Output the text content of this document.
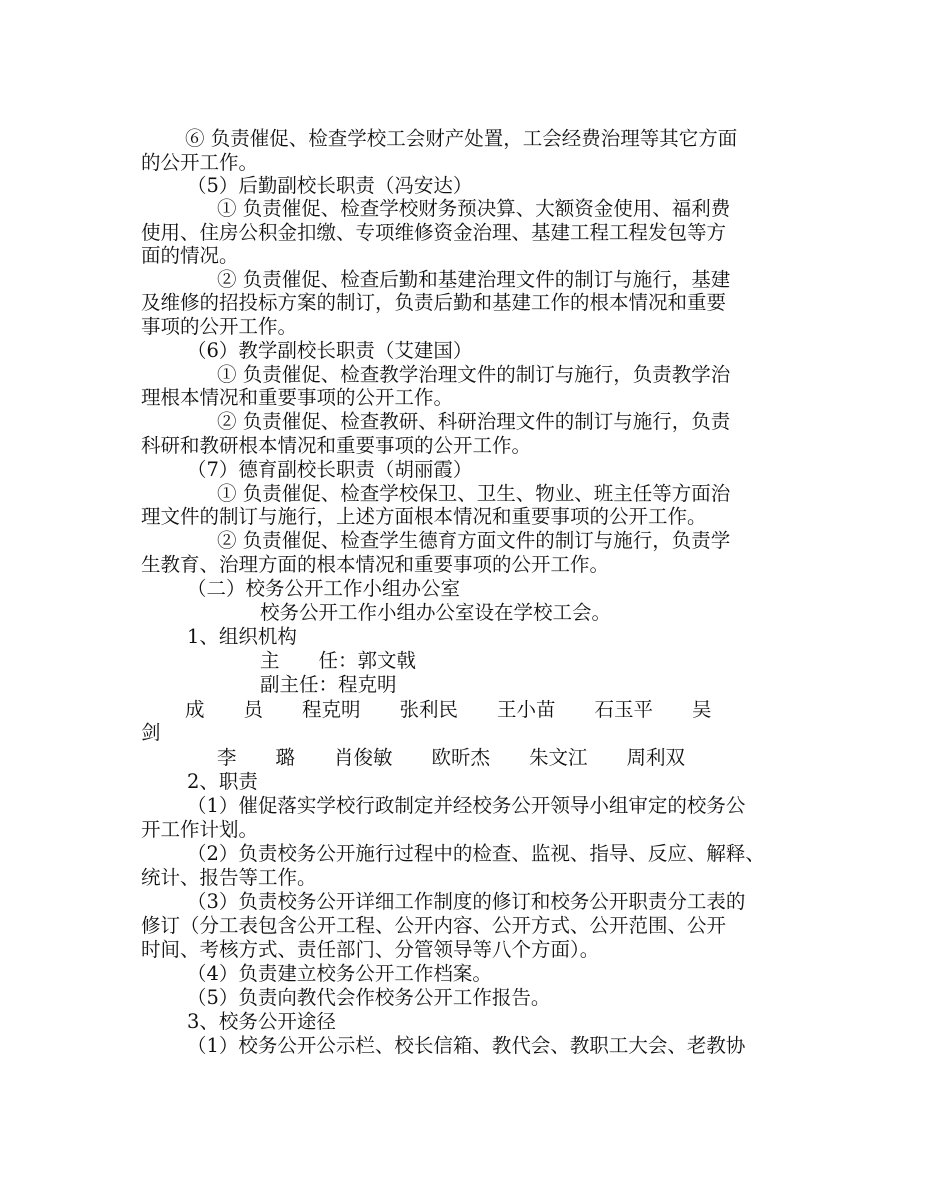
⑥ 负责催促、检查学校工会财产处置，工会经费治理等其它方面
的公开工作。
（5）后勤副校长职责（冯安达）
① 负责催促、检查学校财务预决算、大额资金使用、福利费
使用、住房公积金扣缴、专项维修资金治理、基建工程工程发包等方
面的情况。
② 负责催促、检查后勤和基建治理文件的制订与施行，基建
及维修的招投标方案的制订，负责后勤和基建工作的根本情况和重要
事项的公开工作。
（6）教学副校长职责（艾建国）
① 负责催促、检查教学治理文件的制订与施行，负责教学治
理根本情况和重要事项的公开工作。
② 负责催促、检查教研、科研治理文件的制订与施行，负责
科研和教研根本情况和重要事项的公开工作。
（7）德育副校长职责（胡丽霞）
① 负责催促、检查学校保卫、卫生、物业、班主任等方面治
理文件的制订与施行，上述方面根本情况和重要事项的公开工作。
② 负责催促、检查学生德育方面文件的制订与施行，负责学
生教育、治理方面的根本情况和重要事项的公开工作。
（二）校务公开工作小组办公室
校务公开工作小组办公室设在学校工会。
1、组织机构
主　　任：郭文戟
副主任：程克明
成　　员　　程克明　　张利民　　王小苗　　石玉平　　吴
剑
李　　璐　　肖俊敏　　欧昕杰　　朱文江　　周利双
2、职责
（1）催促落实学校行政制定并经校务公开领导小组审定的校务公
开工作计划。
（2）负责校务公开施行过程中的检查、监视、指导、反应、解释、
统计、报告等工作。
（3）负责校务公开详细工作制度的修订和校务公开职责分工表的
修订（分工表包含公开工程、公开内容、公开方式、公开范围、公开
时间、考核方式、责任部门、分管领导等八个方面）。
（4）负责建立校务公开工作档案。
（5）负责向教代会作校务公开工作报告。
3、校务公开途径
（1）校务公开公示栏、校长信箱、教代会、教职工大会、老教协
